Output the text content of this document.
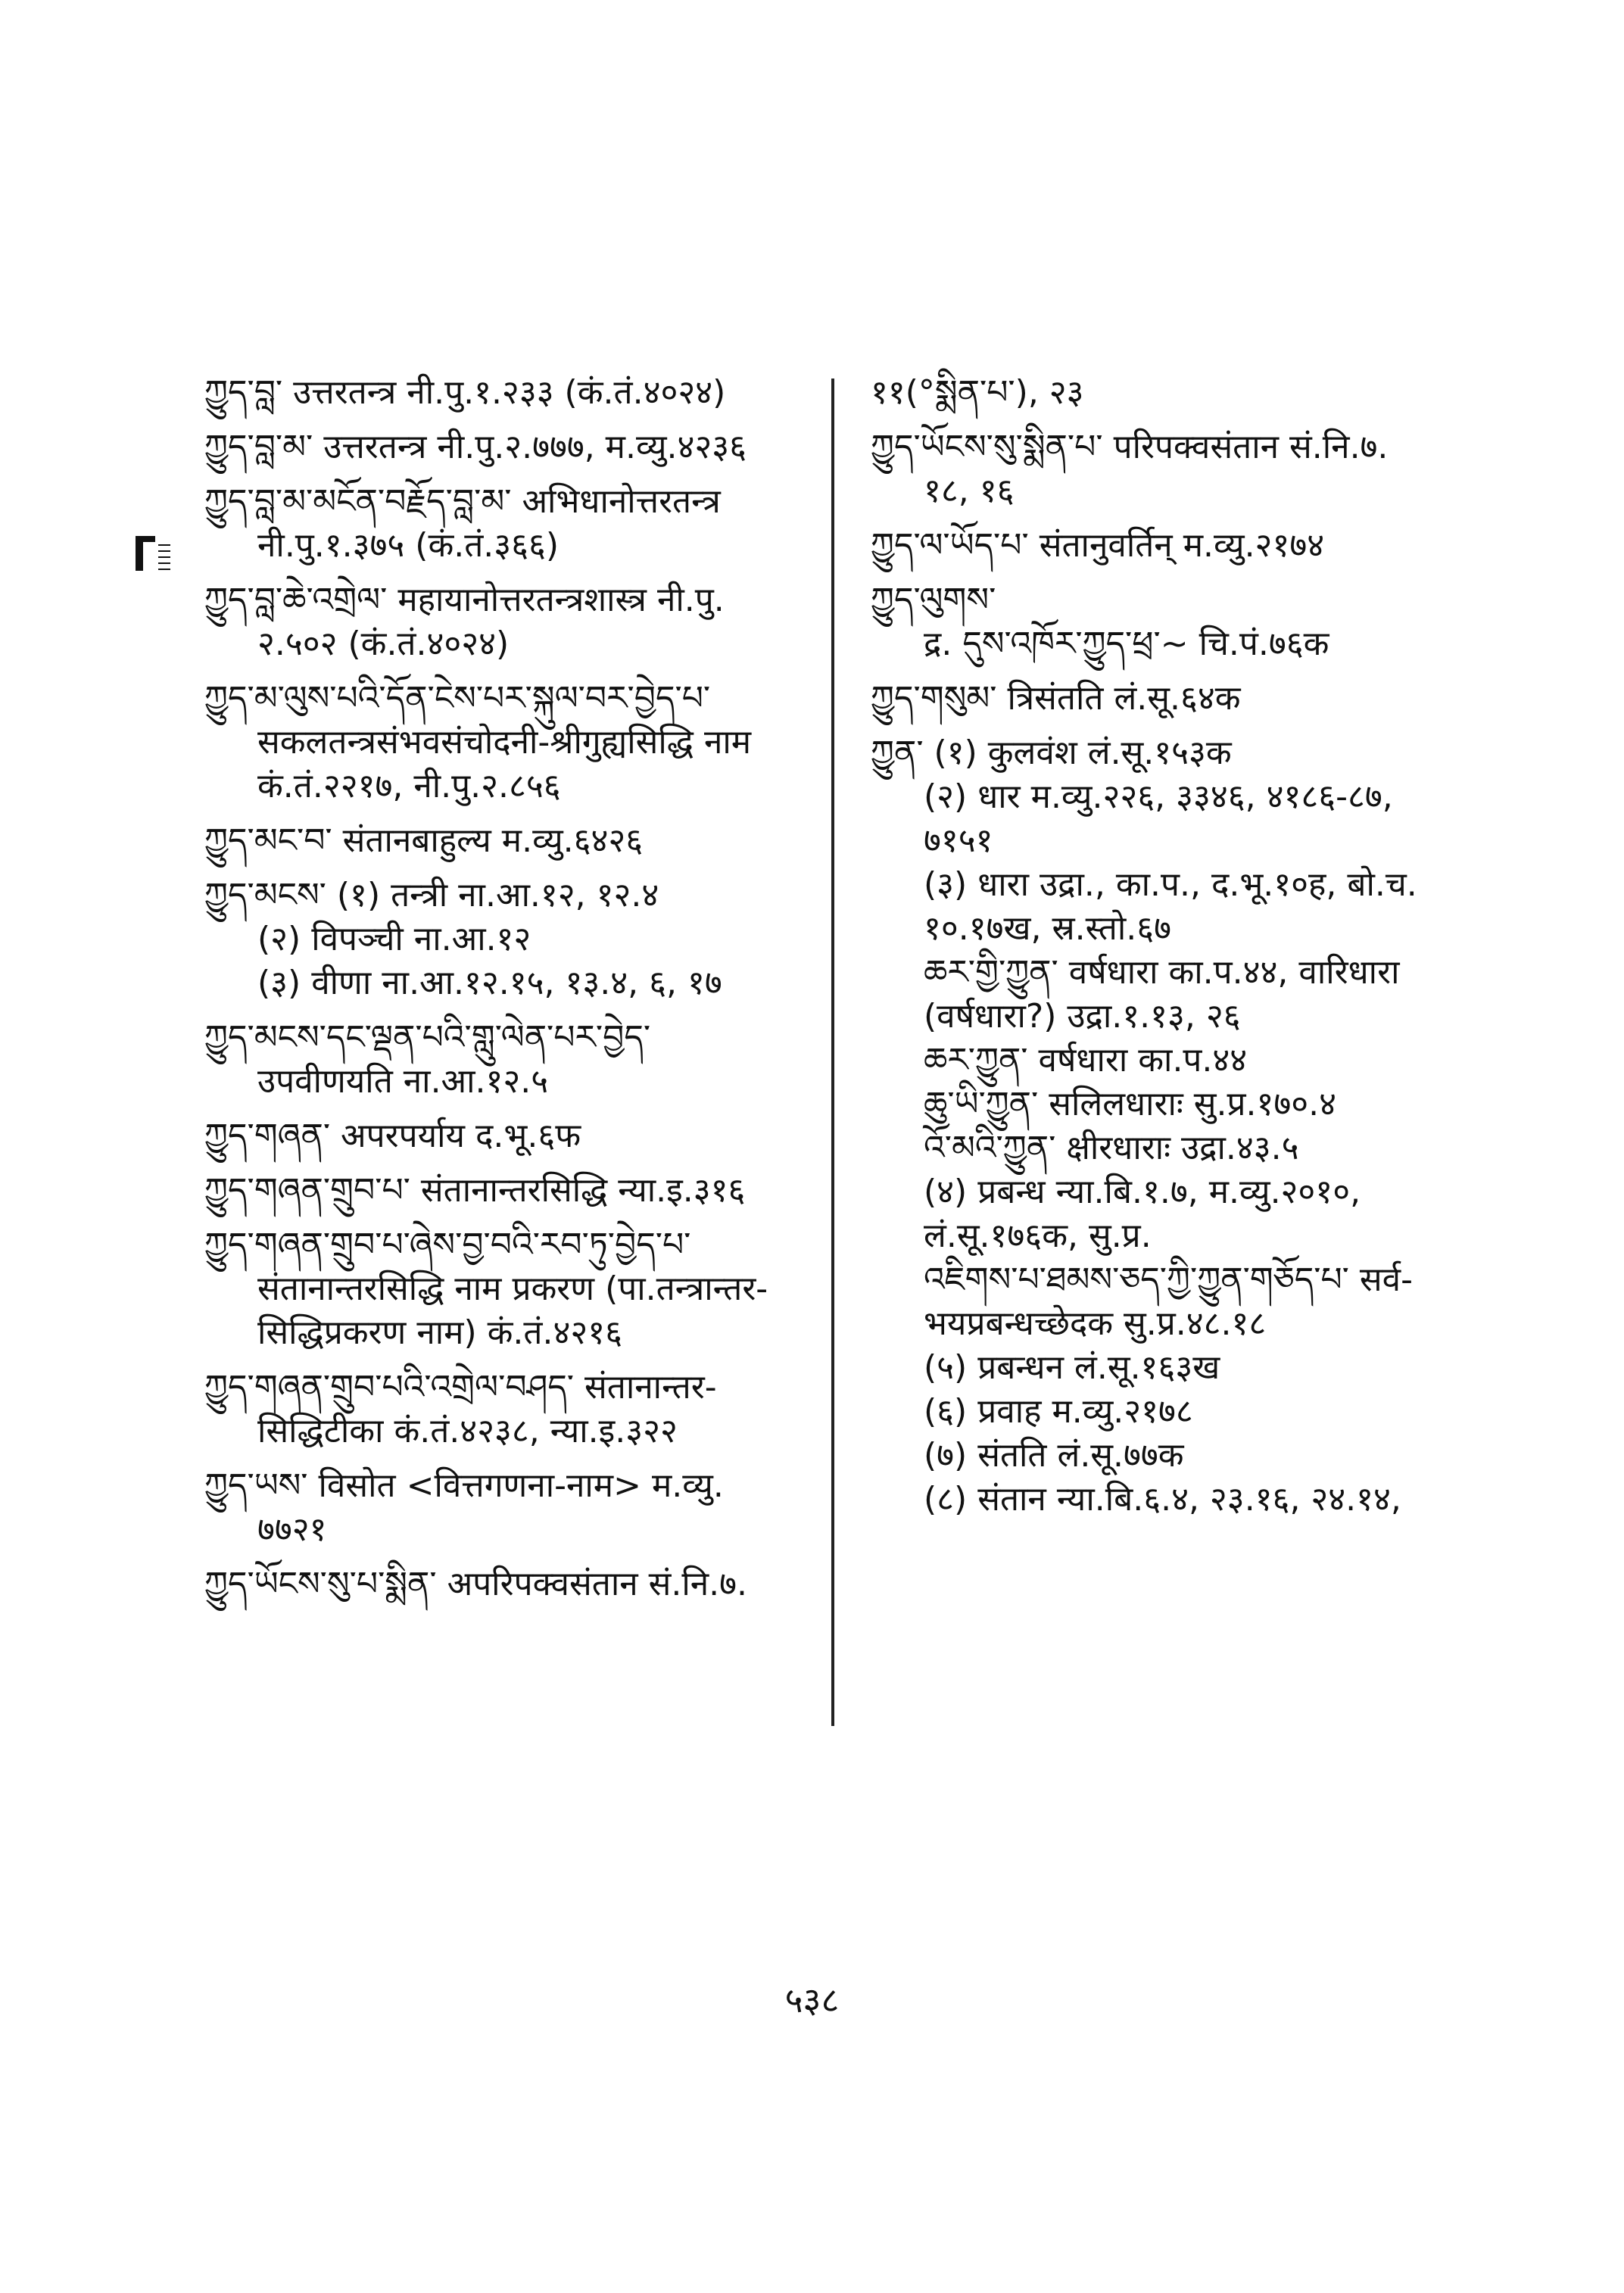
ཀྱུད་བླ་ उत्तरतन्त्र नी.पु.१.२३३ (कं.तं.४०२४)
ཀྱུད་བླ་མ་ उत्तरतन्त्र नी.पु.२.७७७, म.व्यु.४२३६
ཀྱུད་བླ་མ་མངོན་བརྗོད་བླ་མ་ अभिधानोत्तरतन्त्र
नी.पु.१.३७५ (कं.तं.३६६)
ཀྱུད་བླ་ཆེ་འགྲེལ་ महायानोत्तरतन्त्रशास्त्र नी.पु.
२.५०२ (कं.तं.४०२४)
ཀྱུད་མ་ལུས་པའི་དོན་ངེས་པར་སྐུལ་བར་བྱེད་པ་
सकलतन्त्रसंभवसंचोदनी-श्रीगुह्यसिद्धि नाम
कं.तं.२२१७, नी.पु.२.८५६
ཀྱུད་མང་བ་ संतानबाहुल्य म.व्यु.६४२६
ཀྱུད་མངས་ (१) तन्त्री ना.आ.१२, १२.४
(२) विपञ्ची ना.आ.१२
(३) वीणा ना.आ.१२.१५, १३.४, ६, १७
ཀྱུད་མངས་དང་ལྡན་པའི་གླུ་ལེན་པར་བྱེད་
उपवीणयति ना.आ.१२.५
ཀྱུད་གཞན་ अपरपर्याय द.भू.६फ
ཀྱུད་གཞན་གྲུབ་པ་ संतानान्तरसिद्धि न्या.इ.३१६
ཀྱུད་གཞན་གྲུབ་པ་ཞེས་བྱ་བའི་རབ་ཏུ་བྱེད་པ་
संतानान्तरसिद्धि नाम प्रकरण (पा.तन्त्रान्तर-
सिद्धिप्रकरण नाम) कं.तं.४२१६
ཀྱུད་གཞན་གྲུབ་པའི་འགྲེལ་བཤད་ संतानान्तर-
सिद्धिटीका कं.तं.४२३८, न्या.इ.३२२
ཀྱུད་ཡས་ विसोत <वित्तगणना-नाम> म.व्यु.
७७२१
ཀྱུད་ཡོངས་སུ་པ་སྨིན་ अपरिपक्वसंतान सं.नि.७.
११(°སྨིན་པ་), २३
ཀྱུད་ཡོངས་སུ་སྨིན་པ་ परिपक्वसंतान सं.नि.७.
१८, १६
ཀྱུད་ལ་ཡོད་པ་ संतानुवर्तिन् म.व्यु.२१७४
ཀྱུད་ལུགས་
द्र. དུས་འཁོར་ཀྱུད་ཕྲ་~ चि.पं.७६क
ཀྱུད་གསུམ་ त्रिसंतति लं.सू.६४क
ཀྱུན་ (१) कुलवंश लं.सू.१५३क
(२) धार म.व्यु.२२६, ३३४६, ४१८६-८७,
७१५१
(३) धारा उद्रा., का.प., द.भू.१०ह, बो.च.
१०.१७ख, स्र.स्तो.६७
ཆར་གྱི་ཀྱུན་ वर्षधारा का.प.४४, वारिधारा
(वर्षधारा?) उद्रा.१.१३, २६
ཆར་ཀྱུན་ वर्षधारा का.प.४४
ཆུ་ཡི་ཀྱུན་ सलिलधाराः सु.प्र.१७०.४
འོ་མའི་ཀྱུན་ क्षीरधाराः उद्रा.४३.५
(४) प्रबन्ध न्या.बि.१.७, म.व्यु.२०१०,
लं.सू.१७६क, सु.प्र.
འཇིགས་པ་ཐམས་ཅད་ཀྱི་ཀྱུན་གཅོད་པ་ सर्व-
भयप्रबन्धच्छेदक सु.प्र.४८.१८
(५) प्रबन्धन लं.सू.१६३ख
(६) प्रवाह म.व्यु.२१७८
(७) संतति लं.सू.७७क
(८) संतान न्या.बि.६.४, २३.१६, २४.१४,
५३८
